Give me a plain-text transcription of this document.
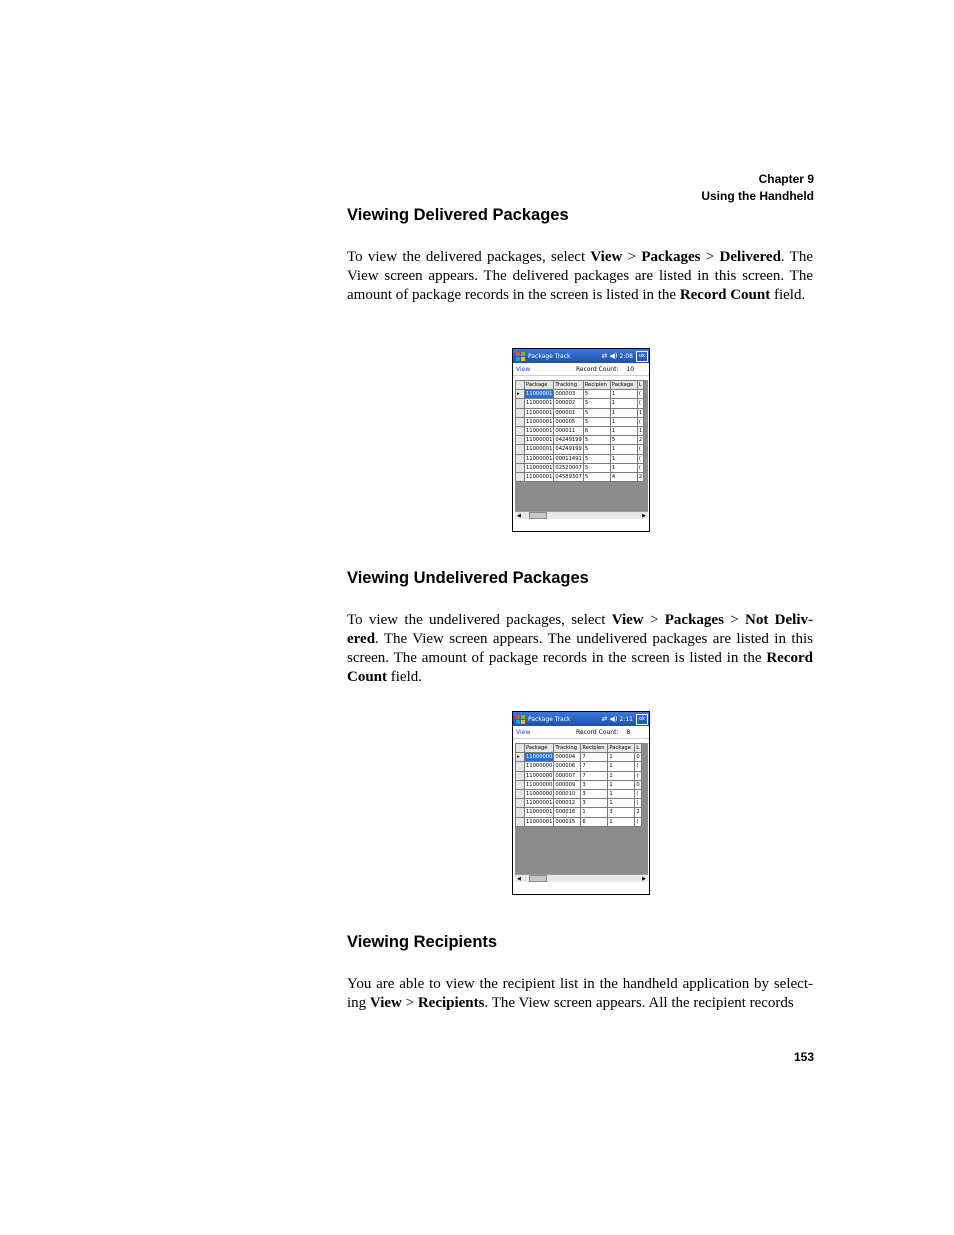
Chapter 9
Using the Handheld
Viewing Delivered Packages

To view the delivered packages, select View > Packages > Delivered. The View screen appears. The delivered packages are listed in this screen. The amount of package records in the screen is listed in the Record Count field.

Package Track	⇄ ◀) 2:08	ok
View	Record Count: 10
	Package	Tracking	Recipien	Package	L
▸	11000001	000003	5	1	(
	11000001	000002	5	1	(
	11000001	000001	5	1	1
	11000001	000005	5	1	(
	11000001	000011	6	1	1
	11000001	04249199	5	5	2
	11000001	04249199	5	1	(
	11000001	00011491	5	1	(
	11000001	02520007	5	1	(
	11000001	04589307	5	4	2
◀	▶
Viewing Undelivered Packages

To view the undelivered packages, select View > Packages > Not Deliv-ered. The View screen appears. The undelivered packages are listed in this screen. The amount of package records in the screen is listed in the Record Count field.

Package Track	⇄ ◀) 2:11	ok
View	Record Count: 8
	Package	Tracking	Recipien	Package	L
▸	11000000	000004	7	1	0
	11000000	000006	7	1	(
	11000000	000007	7	1	(
	11000000	000009	3	1	0
	11000000	000010	3	1	(
	11000001	000012	3	1	(
	11000001	000016	1	3	2
	11000001	000015	6	1	(
◀	▶
Viewing Recipients

You are able to view the recipient list in the handheld application by select-ing View > Recipients. The View screen appears. All the recipient records

153
